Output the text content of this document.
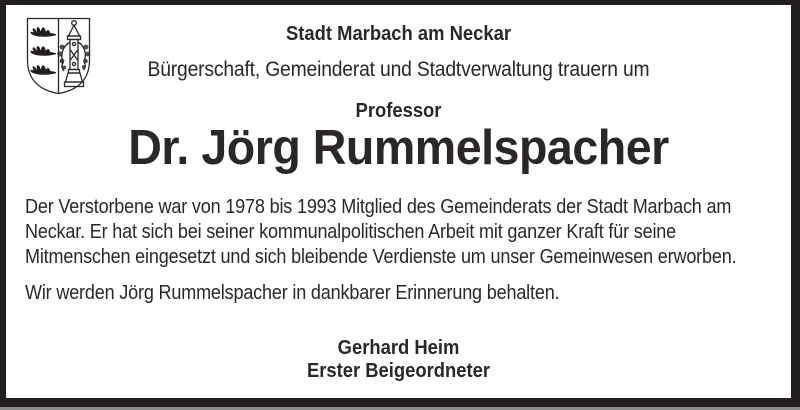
Stadt Marbach am Neckar
Bürgerschaft, Gemeinderat und Stadtverwaltung trauern um
Professor
Dr. Jörg Rummelspacher
Der Verstorbene war von 1978 bis 1993 Mitglied des Gemeinderats der Stadt Marbach am
Neckar. Er hat sich bei seiner kommunalpolitischen Arbeit mit ganzer Kraft für seine
Mitmenschen eingesetzt und sich bleibende Verdienste um unser Gemeinwesen erworben.
Wir werden Jörg Rummelspacher in dankbarer Erinnerung behalten.
Gerhard Heim
Erster Beigeordneter
